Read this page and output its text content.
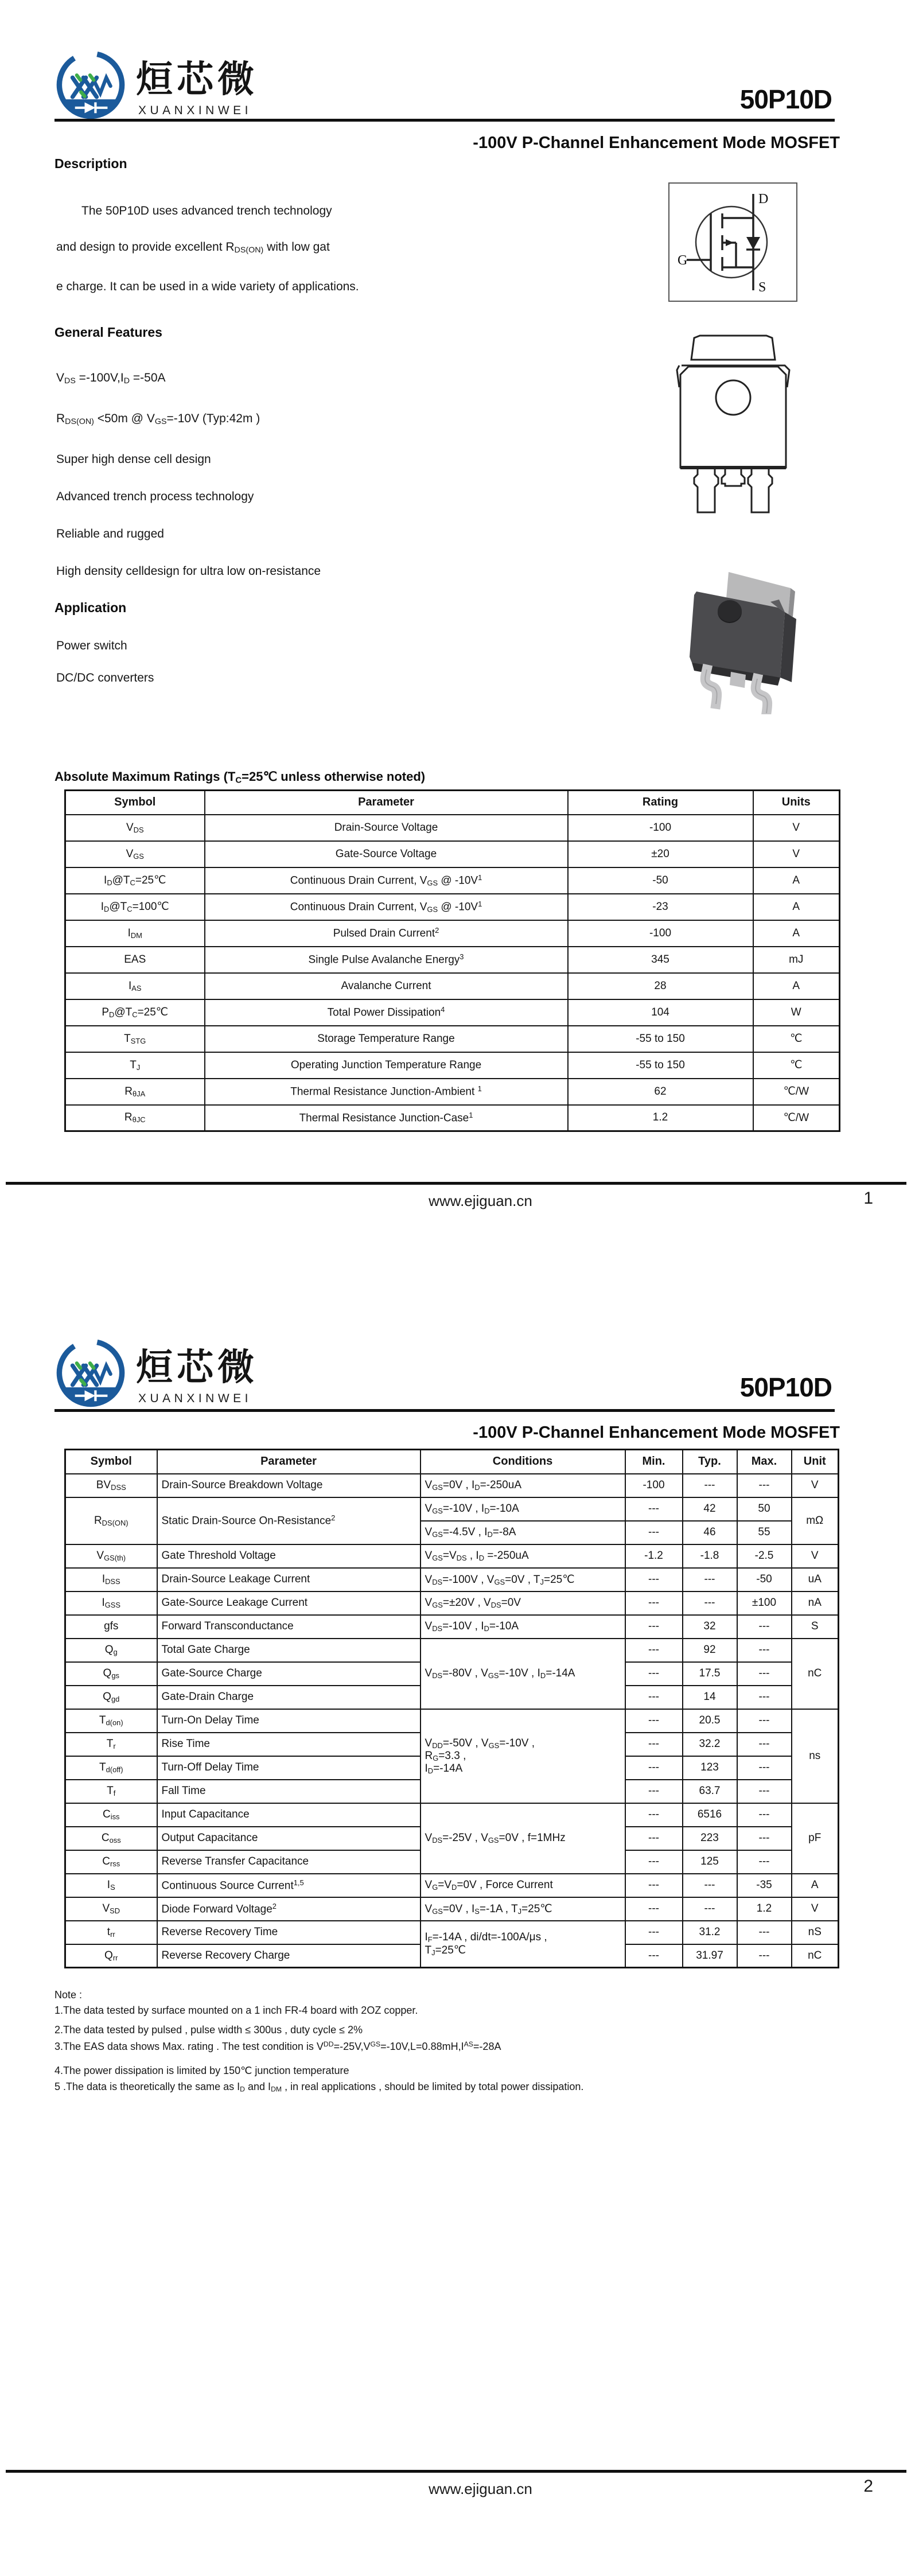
烜芯微
XUANXINWEI	50P10D
-100V P-Channel Enhancement Mode MOSFET
D
G
S
Description

The 50P10D uses advanced trench technology

and design to provide excellent RDS(ON) with low gat

e charge. It can be used in a wide variety of applications.

General Features

VDS =-100V,ID =-50A

RDS(ON) <50m @ VGS=-10V (Typ:42m )

Super high dense cell design

Advanced trench process technology

Reliable and rugged

High density celldesign for ultra low on-resistance

Application

Power switch

DC/DC converters

Absolute Maximum Ratings (TC=25℃ unless otherwise noted)
Symbol	Parameter	Rating	Units
VDS	Drain-Source Voltage	-100	V
VGS	Gate-Source Voltage	±20	V
ID@TC=25℃	Continuous Drain Current, VGS @ $-10V^1$	-50	A
ID@TC=100℃	Continuous Drain Current, VGS @ $-10V^1$	-23	A
IDM	Pulsed Drain Current$^2$	-100	A
EAS	Single Pulse Avalanche Energy$^3$	345	mJ
IAS	Avalanche Current	28	A
PD@TC=25℃	Total Power Dissipation$^4$	104	W
TSTG	Storage Temperature Range	-55 to 150	℃
TJ	Operating Junction Temperature Range	-55 to 150	℃
RθJA	Thermal Resistance Junction-Ambient $^1$	62	℃/W
RθJC	Thermal Resistance Junction-Case$^1$	1.2	℃/W
www.ejiguan.cn	1
烜芯微
XUANXINWEI	50P10D
-100V P-Channel Enhancement Mode MOSFET
Symbol	Parameter	Conditions	Min.	Typ.	Max.	Unit
BVDSS	Drain-Source Breakdown Voltage	VGS=0V , ID=-250uA	-100	---	---	V
RDS(ON)	Static Drain-Source On-Resistance$^2$	VGS=-10V , ID=-10A	---	42	50	mΩ
		VGS=-4.5V , ID=-8A	---	46	55	
VGS(th)	Gate Threshold Voltage	VGS=VDS , ID =-250uA	-1.2	-1.8	-2.5	V
IDSS	Drain-Source Leakage Current	VDS=-100V , VGS=0V , TJ=25℃	---	---	-50	uA
IGSS	Gate-Source Leakage Current	VGS=±20V , VDS=0V	---	---	±100	nA
gfs	Forward Transconductance	VDS=-10V , ID=-10A	---	32	---	S
Qg	Total Gate Charge	VDS=-80V , VGS=-10V , ID=-14A	---	92	---	nC
Qgs	Gate-Source Charge		---	17.5	---	
Qgd	Gate-Drain Charge		---	14	---	
Td(on)	Turn-On Delay Time	VDD=-50V , VGS=-10V ,
RG=3.3 ,
ID=-14A	---	20.5	---	ns
Tr	Rise Time		---	32.2	---	
Td(off)	Turn-Off Delay Time		---	123	---	
Tf	Fall Time		---	63.7	---	
Ciss	Input Capacitance	VDS=-25V , VGS=0V , f=1MHz	---	6516	---	pF
Coss	Output Capacitance		---	223	---	
Crss	Reverse Transfer Capacitance		---	125	---	
IS	Continuous Source Current$^{1,5}$	VG=VD=0V , Force Current	---	---	-35	A
VSD	Diode Forward Voltage$^2$	VGS=0V , IS=-1A , TJ=25℃	---	---	1.2	V
trr	Reverse Recovery Time	IF=-14A , di/dt=-100A/μs ,
TJ=25℃	---	31.2	---	nS
Qrr	Reverse Recovery Charge		---	31.97	---	nC
Note :
1.The data tested by surface mounted on a 1 inch FR-4 board with 2OZ copper.
2.The data tested by pulsed , pulse width ≤ 300us , duty cycle ≤ 2%
3.The EAS data shows Max. rating . The test condition is $V^{DD}=-25V,V^{GS}=-10V,L=0.88mH,I^{AS}=-28A$
4.The power dissipation is limited by 150℃ junction temperature
5 .The data is theoretically the same as ID and IDM , in real applications , should be limited by total power dissipation.
www.ejiguan.cn	2
